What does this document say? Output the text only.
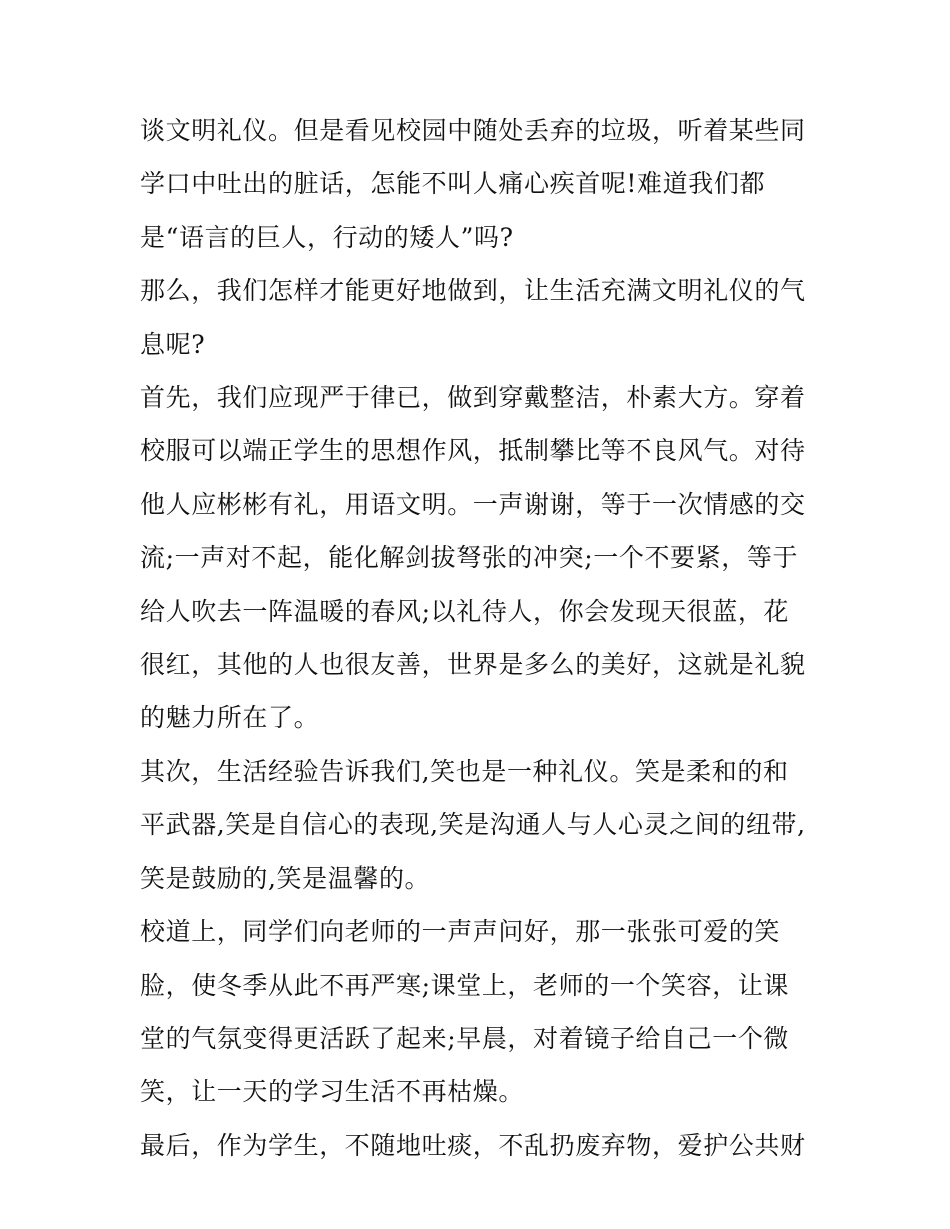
谈文明礼仪。但是看见校园中随处丢弃的垃圾，听着某些同学口中吐出的脏话，怎能不叫人痛心疾首呢!难道我们都是“语言的巨人，行动的矮人”吗?

那么，我们怎样才能更好地做到，让生活充满文明礼仪的气息呢?

首先，我们应现严于律已，做到穿戴整洁，朴素大方。穿着校服可以端正学生的思想作风，抵制攀比等不良风气。对待他人应彬彬有礼，用语文明。一声谢谢，等于一次情感的交流;一声对不起，能化解剑拔弩张的冲突;一个不要紧，等于给人吹去一阵温暖的春风;以礼待人，你会发现天很蓝，花很红，其他的人也很友善，世界是多么的美好，这就是礼貌的魅力所在了。

其次，生活经验告诉我们,笑也是一种礼仪。笑是柔和的和平武器,笑是自信心的表现,笑是沟通人与人心灵之间的纽带,笑是鼓励的,笑是温馨的。

校道上，同学们向老师的一声声问好，那一张张可爱的笑脸，使冬季从此不再严寒;课堂上，老师的一个笑容，让课堂的气氛变得更活跃了起来;早晨，对着镜子给自己一个微笑，让一天的学习生活不再枯燥。

最后，作为学生，不随地吐痰，不乱扔废弃物，爱护公共财
